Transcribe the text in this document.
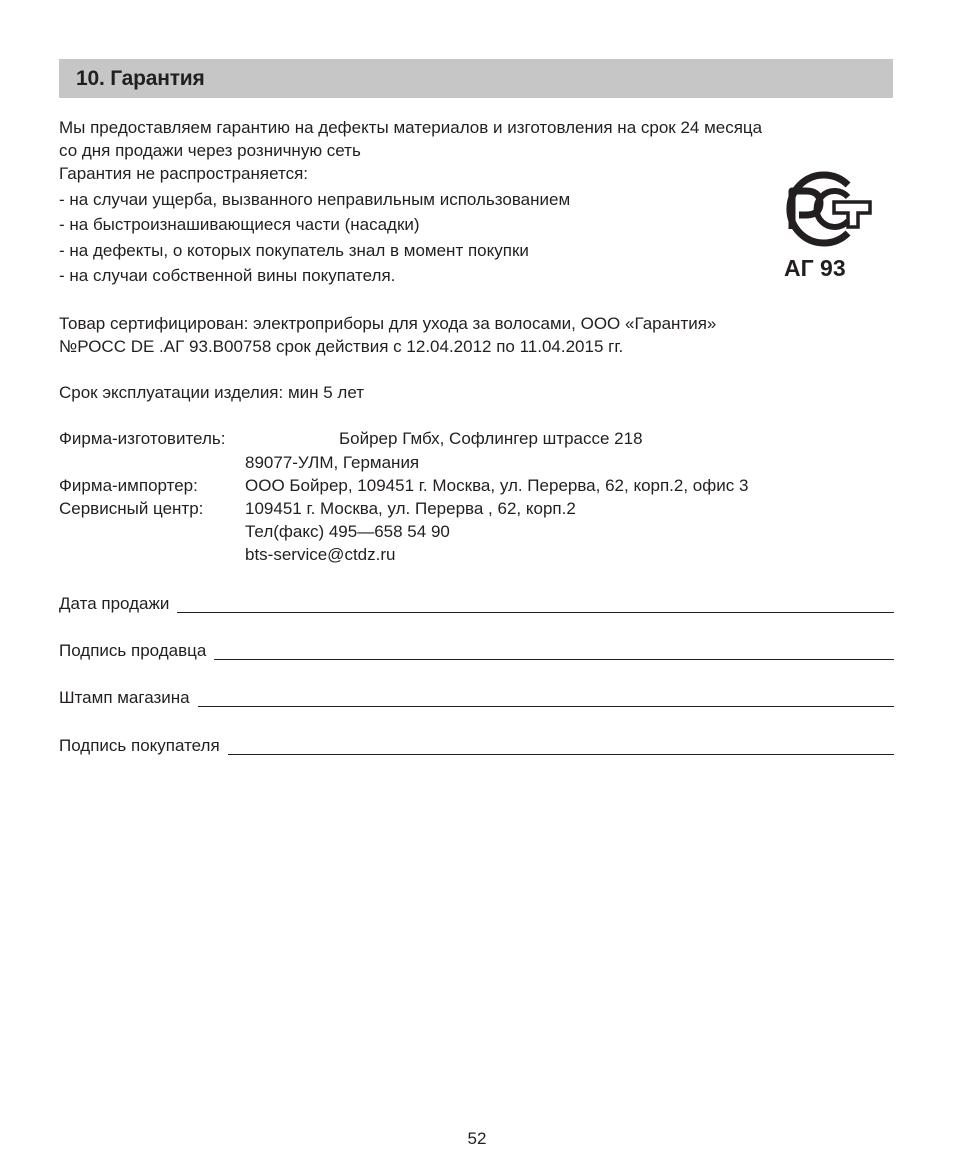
10. Гарантия
Мы предоставляем гарантию на дефекты материалов и изготовления на срок 24 месяца
со дня продажи через розничную сеть
Гарантия не распространяется:
- на случаи ущерба, вызванного неправильным использованием
- на быстроизнашивающиеся части (насадки)
- на дефекты, о которых покупатель знал в момент покупки
- на случаи собственной вины покупателя.	АГ 93
Товар сертифицирован: электроприборы для ухода за волосами, ООО «Гарантия»
№РОСС DE .АГ 93.В00758 срок действия с 12.04.2012 по 11.04.2015 гг.
Срок эксплуатации изделия: мин 5 лет
Фирма-изготовитель:	Бойрер Гмбх, Софлингер штрассе 218
89077-УЛМ, Германия
Фирма-импортер:	ООО Бойрер, 109451 г. Москва, ул. Перерва, 62, корп.2, офис 3
Сервисный центр: 109451 г. Москва, ул. Перерва , 62, корп.2
Тел(факс) 495—658 54 90
bts-service@ctdz.ru
Дата продажи
Подпись продавца
Штамп магазина
Подпись покупателя
52
